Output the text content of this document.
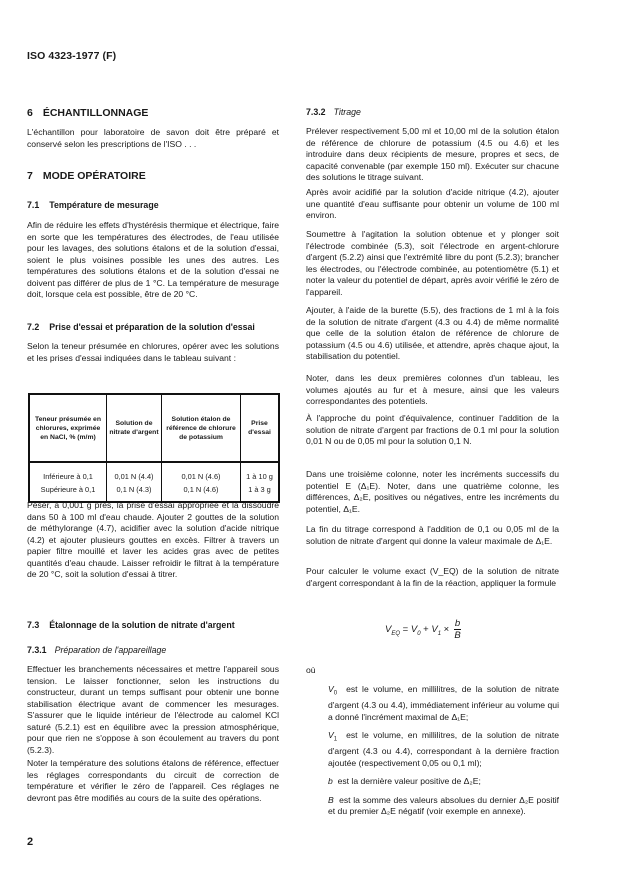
ISO 4323-1977 (F)
6 ÉCHANTILLONNAGE

L'échantillon pour laboratoire de savon doit être préparé et conservé selon les prescriptions de l'ISO . . .

7 MODE OPÉRATOIRE
7.1 Température de mesurage

Afin de réduire les effets d'hystérésis thermique et électrique, faire en sorte que les températures des électrodes, de l'eau utilisée pour les lavages, des solutions étalons et de la solution d'essai, soient le plus voisines possible les unes des autres. Les températures des solutions étalons et de la solution d'essai ne doivent pas différer de plus de 1 °C. La température de mesurage doit, lorsque cela est possible, être de 20 °C.

7.2 Prise d'essai et préparation de la solution d'essai

Selon la teneur présumée en chlorures, opérer avec les solutions et les prises d'essai indiquées dans le tableau suivant :

Teneur présumée en chlorures, exprimée en NaCl, % (m/m)	Solution de nitrate d'argent	Solution étalon de référence de chlorure de potassium	Prise d'essai
Inférieure à 0,1	0,01 N (4.4)	0,01 N (4.6)	1 à 10 g
Supérieure à 0,1	0,1 N (4.3)	0,1 N (4.6)	1 à 3 g

Peser, à 0,001 g près, la prise d'essai appropriée et la dissoudre dans 50 à 100 ml d'eau chaude. Ajouter 2 gouttes de la solution de méthylorange (4.7), acidifier avec la solution d'acide nitrique (4.2) et ajouter plusieurs gouttes en excès. Filtrer à travers un papier filtre mouillé et laver les acides gras avec de petites quantités d'eau chaude. Laisser refroidir le filtrat à la température de 20 °C, soit la solution d'essai à titrer.

7.3 Étalonnage de la solution de nitrate d'argent
7.3.1 Préparation de l'appareillage

Effectuer les branchements nécessaires et mettre l'appareil sous tension. Le laisser fonctionner, selon les instructions du constructeur, durant un temps suffisant pour obtenir une bonne stabilisation électrique avant de commencer les mesurages. S'assurer que le liquide intérieur de l'électrode au calomel KCl saturé (5.2.1) est en équilibre avec la pression atmosphérique, pour que rien ne s'oppose à son écoulement au travers du pont (5.2.3).

Noter la température des solutions étalons de référence, effectuer les réglages correspondants du circuit de correction de température et vérifier le zéro de l'appareil. Ces réglages ne devront pas être modifiés au cours de la suite des opérations.

7.3.2 Titrage

Prélever respectivement 5,00 ml et 10,00 ml de la solution étalon de référence de chlorure de potassium (4.5 ou 4.6) et les introduire dans deux récipients de mesure, propres et secs, de capacité convenable (par exemple 150 ml). Exécuter sur chacune des solutions le titrage suivant.

Après avoir acidifié par la solution d'acide nitrique (4.2), ajouter une quantité d'eau suffisante pour obtenir un volume de 100 ml environ.

Soumettre à l'agitation la solution obtenue et y plonger soit l'électrode combinée (5.3), soit l'électrode en argent-chlorure d'argent (5.2.2) ainsi que l'extrémité libre du pont (5.2.3); brancher les électrodes, ou l'électrode combinée, au potentiomètre (5.1) et noter la valeur du potentiel de départ, après avoir vérifié le zéro de l'appareil.

Ajouter, à l'aide de la burette (5.5), des fractions de 1 ml à la fois de la solution de nitrate d'argent (4.3 ou 4.4) de même normalité que celle de la solution étalon de référence de chlorure de potassium (4.5 ou 4.6) utilisée, et attendre, après chaque ajout, la stabilisation du potentiel.

Noter, dans les deux premières colonnes d'un tableau, les volumes ajoutés au fur et à mesure, ainsi que les valeurs correspondantes des potentiels.

À l'approche du point d'équivalence, continuer l'addition de la solution de nitrate d'argent par fractions de 0.1 ml pour la solution 0,01 N ou de 0,05 ml pour la solution 0,1 N.

Dans une troisième colonne, noter les incréments successifs du potentiel E (Δ₁E). Noter, dans une quatrième colonne, les différences, Δ₂E, positives ou négatives, entre les incréments du potentiel, Δ₁E.

La fin du titrage correspond à l'addition de 0,1 ou 0,05 ml de la solution de nitrate d'argent qui donne la valeur maximale de Δ₁E.

Pour calculer le volume exact (V_EQ) de la solution de nitrate d'argent correspondant à la fin de la réaction, appliquer la formule

$V_{EQ} = V_0 + V_1 \times \frac{b}{B}$
où

$V_0$ est le volume, en millilitres, de la solution de nitrate d'argent (4.3 ou 4.4), immédiatement inférieur au volume qui a donné l'incrément maximal de Δ₁E;

$V_1$ est le volume, en millilitres, de la solution de nitrate d'argent (4.3 ou 4.4), correspondant à la dernière fraction ajoutée (respectivement 0,05 ou 0,1 ml);

b est la dernière valeur positive de Δ₂E;

B est la somme des valeurs absolues du dernier Δ₂E positif et du premier Δ₂E négatif (voir exemple en annexe).

2
